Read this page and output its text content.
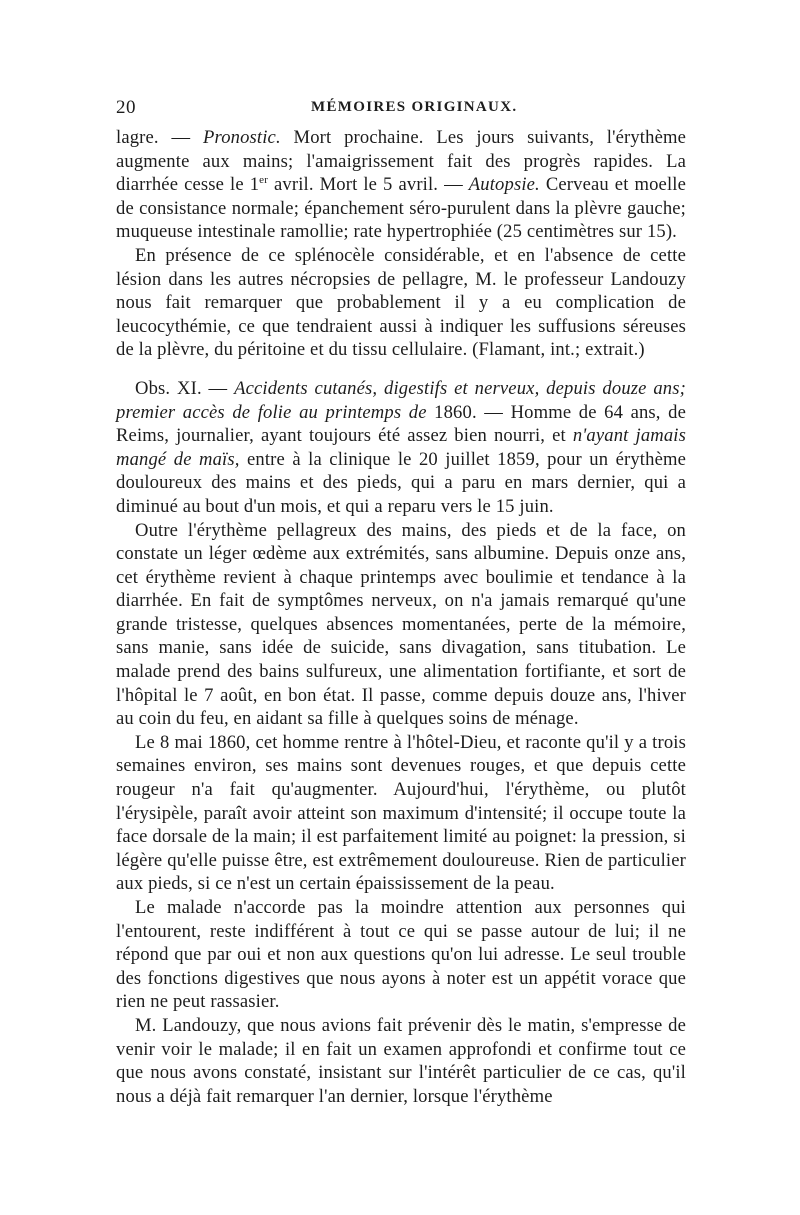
20	MÉMOIRES ORIGINAUX.

lagre. — Pronostic. Mort prochaine. Les jours suivants, l'érythème augmente aux mains; l'amaigrissement fait des progrès rapides. La diarrhée cesse le 1er avril. Mort le 5 avril. — Autopsie. Cerveau et moelle de consistance normale; épanchement séro-purulent dans la plèvre gauche; muqueuse intestinale ramollie; rate hypertrophiée (25 centimètres sur 15).

En présence de ce splénocèle considérable, et en l'absence de cette lésion dans les autres nécropsies de pellagre, M. le professeur Landouzy nous fait remarquer que probablement il y a eu complication de leucocythémie, ce que tendraient aussi à indiquer les suffusions séreuses de la plèvre, du péritoine et du tissu cellulaire. (Flamant, int.; extrait.)

Obs. XI. — Accidents cutanés, digestifs et nerveux, depuis douze ans; premier accès de folie au printemps de 1860. — Homme de 64 ans, de Reims, journalier, ayant toujours été assez bien nourri, et n'ayant jamais mangé de maïs, entre à la clinique le 20 juillet 1859, pour un érythème douloureux des mains et des pieds, qui a paru en mars dernier, qui a diminué au bout d'un mois, et qui a reparu vers le 15 juin.

Outre l'érythème pellagreux des mains, des pieds et de la face, on constate un léger œdème aux extrémités, sans albumine. Depuis onze ans, cet érythème revient à chaque printemps avec boulimie et tendance à la diarrhée. En fait de symptômes nerveux, on n'a jamais remarqué qu'une grande tristesse, quelques absences momentanées, perte de la mémoire, sans manie, sans idée de suicide, sans divagation, sans titubation. Le malade prend des bains sulfureux, une alimentation fortifiante, et sort de l'hôpital le 7 août, en bon état. Il passe, comme depuis douze ans, l'hiver au coin du feu, en aidant sa fille à quelques soins de ménage.

Le 8 mai 1860, cet homme rentre à l'hôtel-Dieu, et raconte qu'il y a trois semaines environ, ses mains sont devenues rouges, et que depuis cette rougeur n'a fait qu'augmenter. Aujourd'hui, l'érythème, ou plutôt l'érysipèle, paraît avoir atteint son maximum d'intensité; il occupe toute la face dorsale de la main; il est parfaitement limité au poignet: la pression, si légère qu'elle puisse être, est extrêmement douloureuse. Rien de particulier aux pieds, si ce n'est un certain épaississement de la peau.

Le malade n'accorde pas la moindre attention aux personnes qui l'entourent, reste indifférent à tout ce qui se passe autour de lui; il ne répond que par oui et non aux questions qu'on lui adresse. Le seul trouble des fonctions digestives que nous ayons à noter est un appétit vorace que rien ne peut rassasier.

M. Landouzy, que nous avions fait prévenir dès le matin, s'empresse de venir voir le malade; il en fait un examen approfondi et confirme tout ce que nous avons constaté, insistant sur l'intérêt particulier de ce cas, qu'il nous a déjà fait remarquer l'an dernier, lorsque l'érythème
